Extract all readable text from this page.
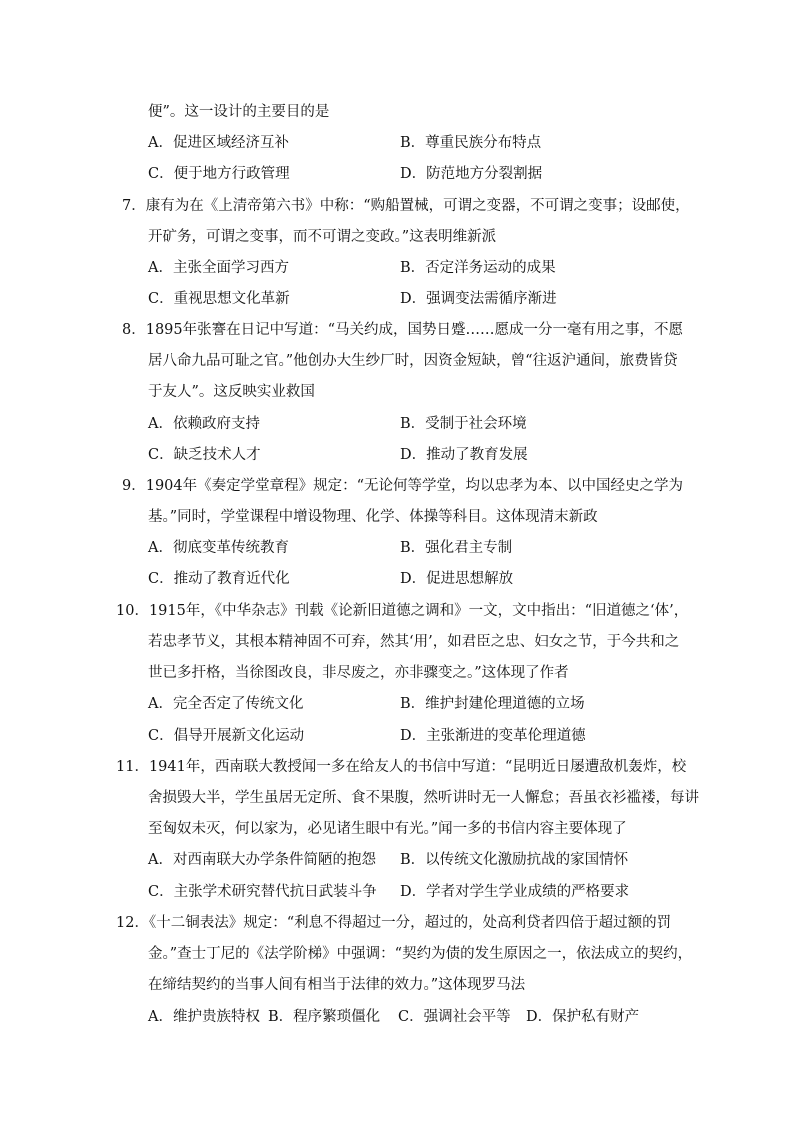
便”。这一设计的主要目的是
A．促进区域经济互补	B．尊重民族分布特点
C．便于地方行政管理	D．防范地方分裂割据
7．康有为在《上清帝第六书》中称：“购船置械，可谓之变器，不可谓之变事；设邮使，
开矿务，可谓之变事，而不可谓之变政。”这表明维新派
A．主张全面学习西方	B．否定洋务运动的成果
C．重视思想文化革新	D．强调变法需循序渐进
8．1895年张謇在日记中写道：“马关约成，国势日蹙……愿成一分一毫有用之事，不愿
居八命九品可耻之官。”他创办大生纱厂时，因资金短缺，曾“往返沪通间，旅费皆贷
于友人”。这反映实业救国
A．依赖政府支持	B．受制于社会环境
C．缺乏技术人才	D．推动了教育发展
9．1904年《奏定学堂章程》规定：“无论何等学堂，均以忠孝为本、以中国经史之学为
基。”同时，学堂课程中增设物理、化学、体操等科目。这体现清末新政
A．彻底变革传统教育	B．强化君主专制
C．推动了教育近代化	D．促进思想解放
10．1915年，《中华杂志》刊载《论新旧道德之调和》一文，文中指出：“旧道德之‘体’，
若忠孝节义，其根本精神固不可弃，然其‘用’，如君臣之忠、妇女之节，于今共和之
世已多扞格，当徐图改良，非尽废之，亦非骤变之。”这体现了作者
A．完全否定了传统文化	B．维护封建伦理道德的立场
C．倡导开展新文化运动	D．主张渐进的变革伦理道德
11．1941年，西南联大教授闻一多在给友人的书信中写道：“昆明近日屡遭敌机轰炸，校
舍损毁大半，学生虽居无定所、食不果腹，然听讲时无一人懈怠；吾虽衣衫褴褛，每讲
至匈奴未灭，何以家为，必见诸生眼中有光。”闻一多的书信内容主要体现了
A．对西南联大办学条件简陋的抱怨 B．以传统文化激励抗战的家国情怀
C．主张学术研究替代抗日武装斗争 D．学者对学生学业成绩的严格要求
12．《十二铜表法》规定：“利息不得超过一分，超过的，处高利贷者四倍于超过额的罚
金。”查士丁尼的《法学阶梯》中强调：“契约为债的发生原因之一，依法成立的契约，
在缔结契约的当事人间有相当于法律的效力。”这体现罗马法
A．维护贵族特权 B．程序繁琐僵化 C．强调社会平等 D．保护私有财产
